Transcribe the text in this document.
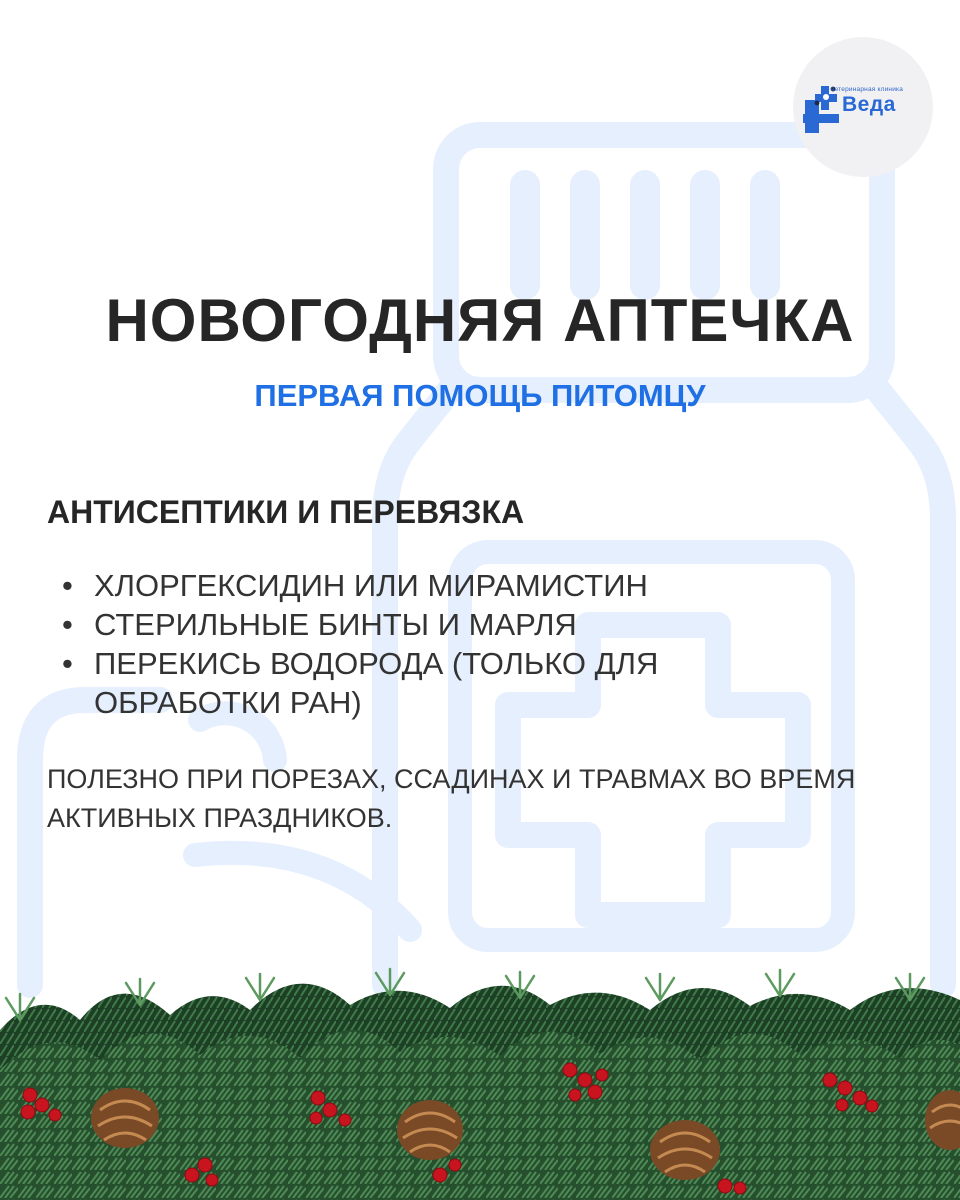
ветеринарная клиника
Веда
НОВОГОДНЯЯ АПТЕЧКА
ПЕРВАЯ ПОМОЩЬ ПИТОМЦУ
АНТИСЕПТИКИ И ПЕРЕВЯЗКА
• ХЛОРГЕКСИДИН ИЛИ МИРАМИСТИН
• СТЕРИЛЬНЫЕ БИНТЫ И МАРЛЯ
• ПЕРЕКИСЬ ВОДОРОДА (ТОЛЬКО ДЛЯ ОБРАБОТКИ РАН)
ПОЛЕЗНО ПРИ ПОРЕЗАХ, ССАДИНАХ И ТРАВМАХ ВО ВРЕМЯ АКТИВНЫХ ПРАЗДНИКОВ.
